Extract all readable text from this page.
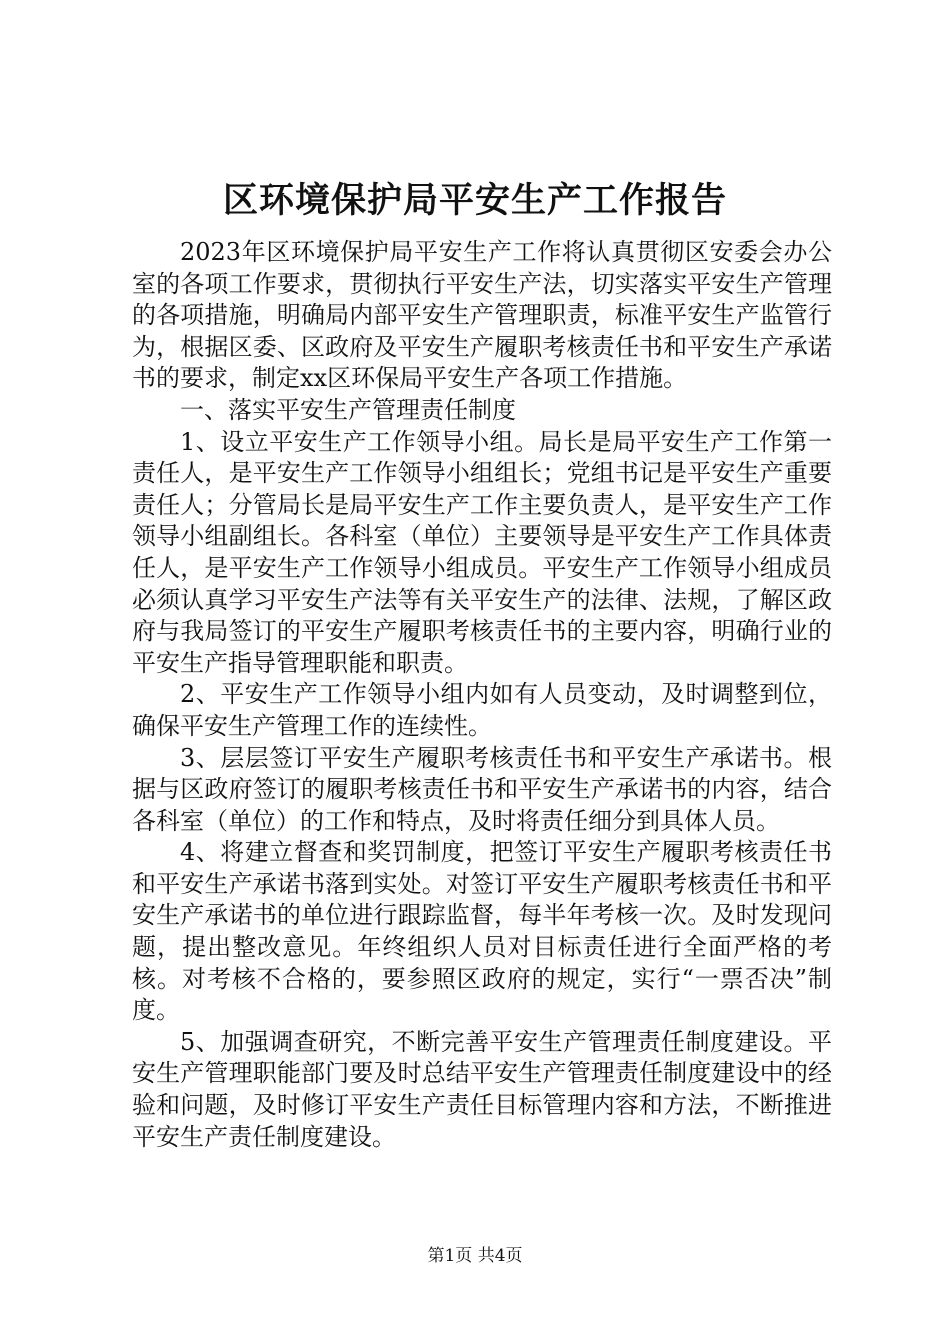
区环境保护局平安生产工作报告

2023年区环境保护局平安生产工作将认真贯彻区安委会办公室的各项工作要求，贯彻执行平安生产法，切实落实平安生产管理的各项措施，明确局内部平安生产管理职责，标准平安生产监管行为，根据区委、区政府及平安生产履职考核责任书和平安生产承诺书的要求，制定xx区环保局平安生产各项工作措施。

一、落实平安生产管理责任制度

1、设立平安生产工作领导小组。局长是局平安生产工作第一责任人，是平安生产工作领导小组组长；党组书记是平安生产重要责任人；分管局长是局平安生产工作主要负责人，是平安生产工作领导小组副组长。各科室（单位）主要领导是平安生产工作具体责任人，是平安生产工作领导小组成员。平安生产工作领导小组成员必须认真学习平安生产法等有关平安生产的法律、法规，了解区政府与我局签订的平安生产履职考核责任书的主要内容，明确行业的平安生产指导管理职能和职责。

2、平安生产工作领导小组内如有人员变动，及时调整到位，确保平安生产管理工作的连续性。

3、层层签订平安生产履职考核责任书和平安生产承诺书。根据与区政府签订的履职考核责任书和平安生产承诺书的内容，结合各科室（单位）的工作和特点，及时将责任细分到具体人员。

4、将建立督查和奖罚制度，把签订平安生产履职考核责任书和平安生产承诺书落到实处。对签订平安生产履职考核责任书和平安生产承诺书的单位进行跟踪监督，每半年考核一次。及时发现问题，提出整改意见。年终组织人员对目标责任进行全面严格的考核。对考核不合格的，要参照区政府的规定，实行“一票否决”制度。

5、加强调查研究，不断完善平安生产管理责任制度建设。平安生产管理职能部门要及时总结平安生产管理责任制度建设中的经验和问题，及时修订平安生产责任目标管理内容和方法，不断推进平安生产责任制度建设。

第1页 共4页
